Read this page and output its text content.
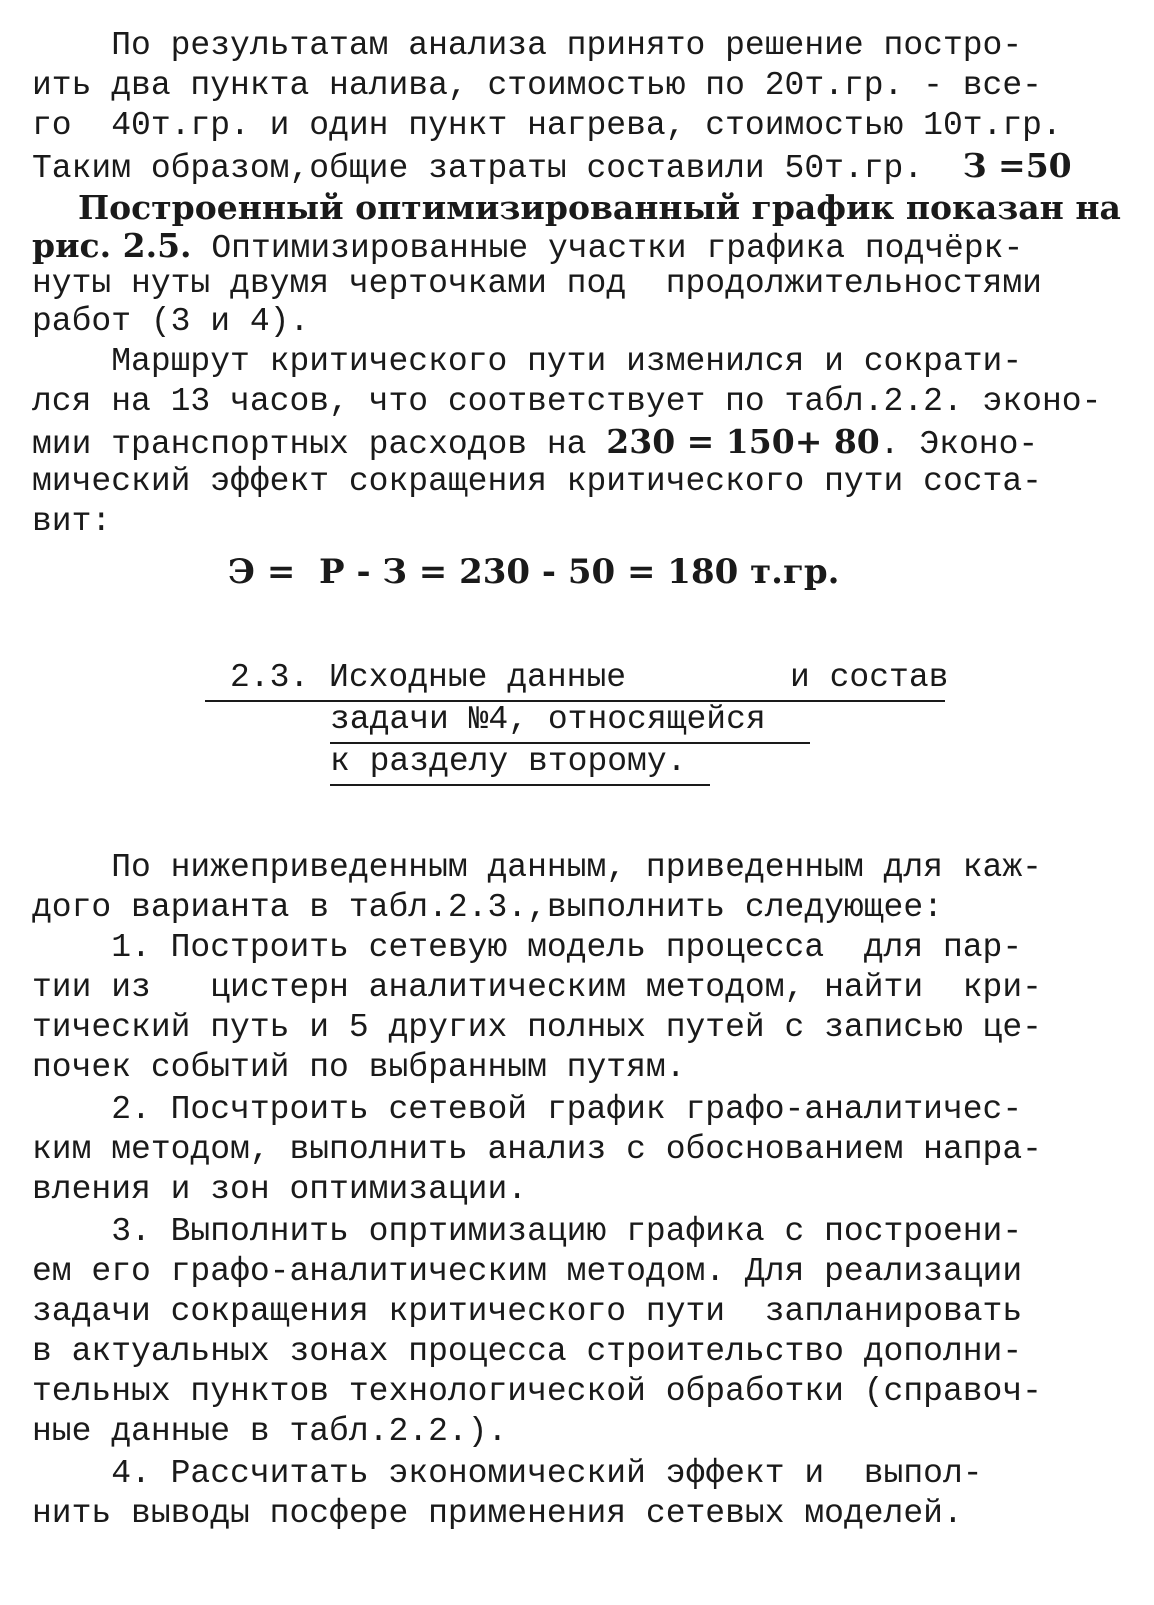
По результатам анализа принято решение постро-
ить два пункта налива, стоимостью по 20т.гр. - все-
го  40т.гр. и один пункт нагрева, стоимостью 10т.гр.
Таким образом,общие затраты составили 50т.гр.  З =50
Построенный оптимизированный график показан на
рис. 2.5. Оптимизированные участки графика подчёрк-
нуты нуты двумя черточками под  продолжительностями
работ (3 и 4).
Маршрут критического пути изменился и сократи-
лся на 13 часов, что соответствует по табл.2.2. эконо-
мии транспортных расходов на 230 = 150+ 80. Эконо-
мический эффект сокращения критического пути соста-
вит:
Э =  Р - З = 230 - 50 = 180 т.гр.
2.3. Исходные данные	и состав
задачи №4, относящейся
к разделу второму.
По нижеприведенным данным, приведенным для каж-
дого варианта в табл.2.3.,выполнить следующее:
1. Построить сетевую модель процесса  для пар-
тии из   цистерн аналитическим методом, найти  кри-
тический путь и 5 других полных путей с записью це-
почек событий по выбранным путям.
2. Посчтроить сетевой график графо-аналитичес-
ким методом, выполнить анализ с обоснованием напра-
вления и зон оптимизации.
3. Выполнить опртимизацию графика с построени-
ем его графо-аналитическим методом. Для реализации
задачи сокращения критического пути  запланировать
в актуальных зонах процесса строительство дополни-
тельных пунктов технологической обработки (справоч-
ные данные в табл.2.2.).
4. Рассчитать экономический эффект и  выпол-
нить выводы посфере применения сетевых моделей.
